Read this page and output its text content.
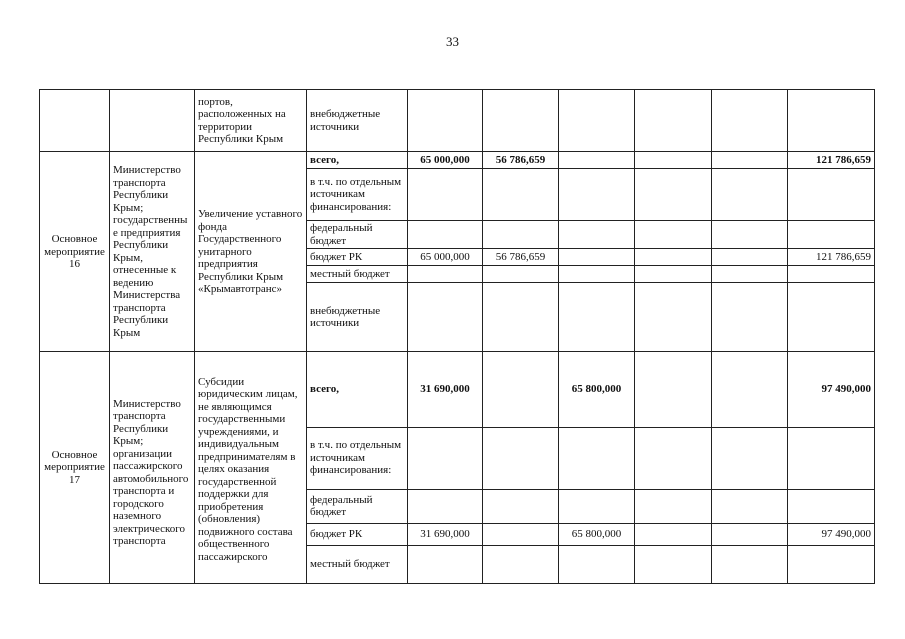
33
		портов, расположенных на территории Республики Крым	внебюджетные источники						
Основное мероприятие 16	Министерство транспорта Республики Крым; государственные предприятия Республики Крым, отнесенные к ведению Министерства транспорта Республики Крым	Увеличение уставного фонда Государственного унитарного предприятия Республики Крым «Крымавтотранс»	всего,	65 000,000	56 786,659				121 786,659
			в т.ч. по отдельным источникам финансирования:						
			федеральный бюджет						
			бюджет РК	65 000,000	56 786,659				121 786,659
			местный бюджет						
			внебюджетные источники						
Основное мероприятие 17	Министерство транспорта Республики Крым; организации пассажирского автомобильного транспорта и городского наземного электрического транспорта	Субсидии юридическим лицам, не являющимся государственными учреждениями, и индивидуальным предпринимателям в целях оказания государственной поддержки для приобретения (обновления) подвижного состава общественного пассажирского	всего,	31 690,000		65 800,000			97 490,000
			в т.ч. по отдельным источникам финансирования:						
			федеральный бюджет						
			бюджет РК	31 690,000		65 800,000			97 490,000
			местный бюджет						
